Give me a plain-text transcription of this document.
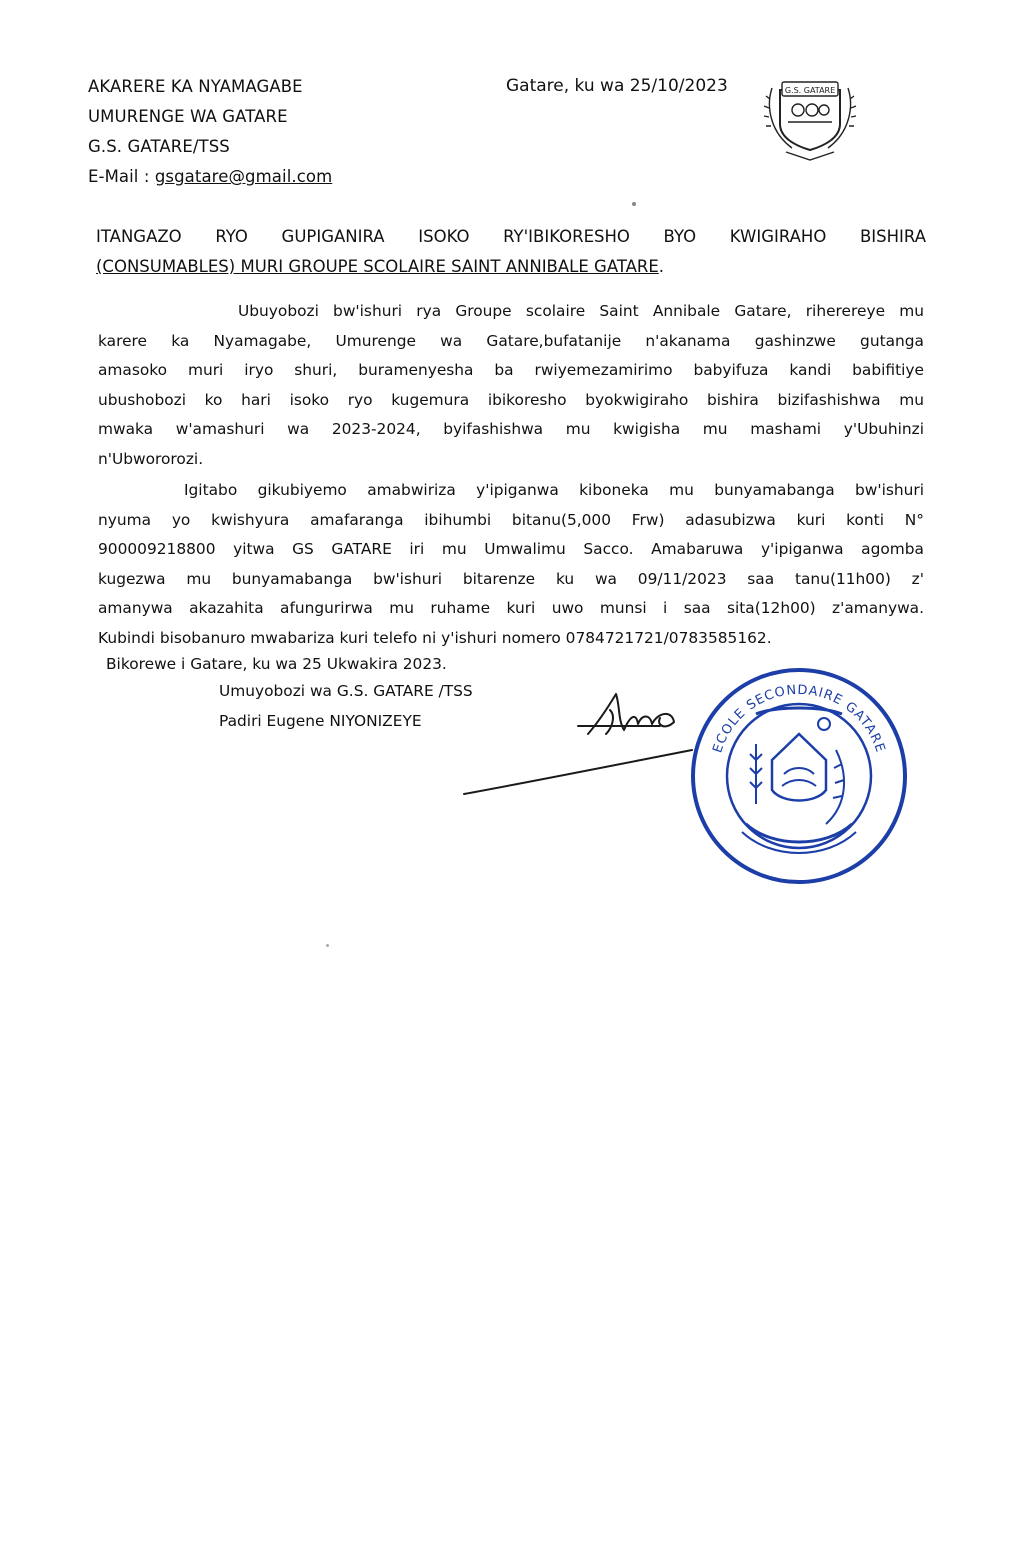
AKARERE KA NYAMAGABE
UMURENGE WA GATARE
G.S. GATARE/TSS
E-Mail : gsgatare@gmail.com
Gatare, ku wa 25/10/2023	G.S. GATARE
ITANGAZO RYO GUPIGANIRA ISOKO RY'IBIKORESHO BYO KWIGIRAHO BISHIRA
(CONSUMABLES) MURI GROUPE SCOLAIRE SAINT ANNIBALE GATARE.
Ubuyobozi bw'ishuri rya Groupe scolaire Saint Annibale Gatare, riherereye mu
karere ka Nyamagabe, Umurenge wa Gatare,bufatanije n'akanama gashinzwe gutanga
amasoko muri iryo shuri, buramenyesha ba rwiyemezamirimo babyifuza kandi babifitiye
ubushobozi ko hari isoko ryo kugemura ibikoresho byokwigiraho bishira bizifashishwa mu
mwaka w'amashuri wa 2023-2024, byifashishwa mu kwigisha mu mashami y'Ubuhinzi
n'Ubwororozi.
Igitabo gikubiyemo amabwiriza y'ipiganwa kiboneka mu bunyamabanga bw'ishuri
nyuma yo kwishyura amafaranga ibihumbi bitanu(5,000 Frw) adasubizwa kuri konti N°
900009218800 yitwa GS GATARE iri mu Umwalimu Sacco. Amabaruwa y'ipiganwa agomba
kugezwa mu bunyamabanga bw'ishuri bitarenze ku wa 09/11/2023 saa tanu(11h00) z'
amanywa akazahita afungurirwa mu ruhame kuri uwo munsi i saa sita(12h00) z'amanywa.
Kubindi bisobanuro mwabariza kuri telefo ni y'ishuri nomero 0784721721/0783585162.
Bikorewe i Gatare, ku wa 25 Ukwakira 2023.
Umuyobozi wa G.S. GATARE /TSS
Padiri Eugene NIYONIZEYE
ECOLE SECONDAIRE GATARE
